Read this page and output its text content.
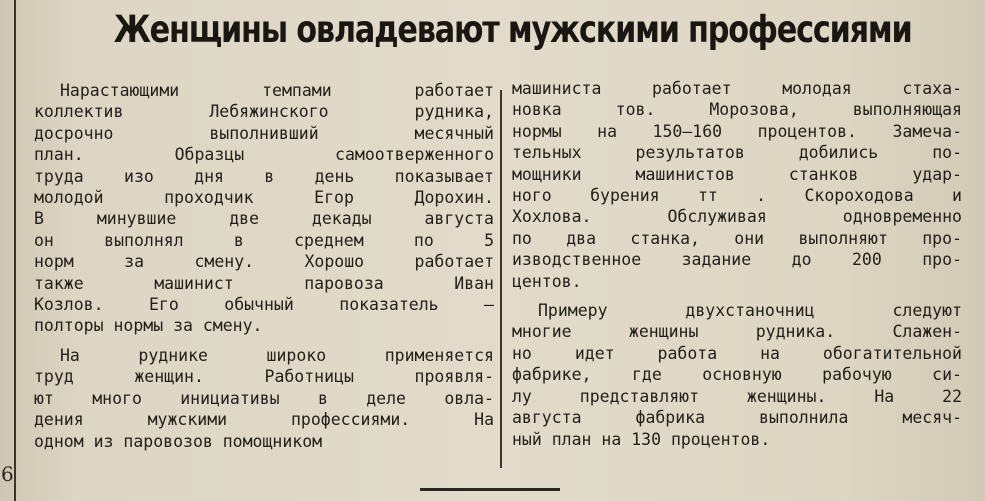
6
Женщины овладевают мужскими профессиями
Нарастающими темпами работает
коллектив Лебяжинского рудника,
досрочно выполнивший месячный
план. Образцы самоотверженного
труда изо дня в день показывает
молодой проходчик Егор Дорохин.
В минувшие две декады августа
он выполнял в среднем по 5
норм за смену. Хорошо работает
также машинист паровоза Иван
Козлов. Его обычный показатель —
полторы нормы за смену.
На руднике широко применяется
труд женщин. Работницы проявля-
ют много инициативы в деле овла-
дения мужскими профессиями. На
одном из паровозов помощником
машиниста работает молодая стаха-
новка тов. Морозова, выполняющая
нормы на 150—160 процентов. Замеча-
тельных результатов добились по-
мощники машинистов станков удар-
ного бурения тт . Скороходова и
Хохлова. Обслуживая одновременно
по два станка, они выполняют про-
изводственное задание до 200 про-
центов.
Примеру двухстаночниц следуют
многие женщины рудника. Слажен-
но идет работа на обогатительной
фабрике, где основную рабочую си-
лу представляют женщины. На 22
августа фабрика выполнила месяч-
ный план на 130 процентов.
